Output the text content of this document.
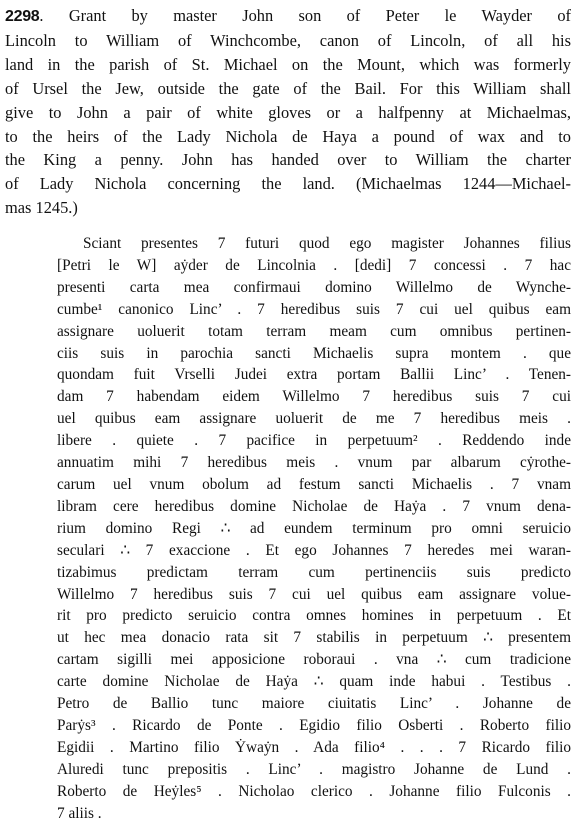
2298. Grant by master John son of Peter le Wayder of
Lincoln to William of Winchcombe, canon of Lincoln, of all his
land in the parish of St. Michael on the Mount, which was formerly
of Ursel the Jew, outside the gate of the Bail. For this William shall
give to John a pair of white gloves or a halfpenny at Michaelmas,
to the heirs of the Lady Nichola de Haya a pound of wax and to
the King a penny. John has handed over to William the charter
of Lady Nichola concerning the land. (Michaelmas 1244—Michael-
mas 1245.)
Sciant presentes 7 futuri quod ego magister Johannes filius
[Petri le W] aẏder de Lincolnia . [dedi] 7 concessi . 7 hac
presenti carta mea confirmaui domino Willelmo de Wynche-
cumbe¹ canonico Linc’ . 7 heredibus suis 7 cui uel quibus eam
assignare uoluerit totam terram meam cum omnibus pertinen-
ciis suis in parochia sancti Michaelis supra montem . que
quondam fuit Vrselli Judei extra portam Ballii Linc’ . Tenen-
dam 7 habendam eidem Willelmo 7 heredibus suis 7 cui
uel quibus eam assignare uoluerit de me 7 heredibus meis .
libere . quiete . 7 pacifice in perpetuum² . Reddendo inde
annuatim mihi 7 heredibus meis . vnum par albarum cẏrothe-
carum uel vnum obolum ad festum sancti Michaelis . 7 vnam
libram cere heredibus domine Nicholae de Haẏa . 7 vnum dena-
rium domino Regi ∴ ad eundem terminum pro omni seruicio
seculari ∴ 7 exaccione . Et ego Johannes 7 heredes mei waran-
tizabimus predictam terram cum pertinenciis suis predicto
Willelmo 7 heredibus suis 7 cui uel quibus eam assignare volue-
rit pro predicto seruicio contra omnes homines in perpetuum . Et
ut hec mea donacio rata sit 7 stabilis in perpetuum ∴ presentem
cartam sigilli mei apposicione roboraui . vna ∴ cum tradicione
carte domine Nicholae de Haẏa ∴ quam inde habui . Testibus .
Petro de Ballio tunc maiore ciuitatis Linc’ . Johanne de
Parẏs³ . Ricardo de Ponte . Egidio filio Osberti . Roberto filio
Egidii . Martino filio Ẏwaẏn . Ada filio⁴ . . . 7 Ricardo filio
Aluredi tunc prepositis . Linc’ . magistro Johanne de Lund .
Roberto de Heẏles⁵ . Nicholao clerico . Johanne filio Fulconis .
7 aliis .
